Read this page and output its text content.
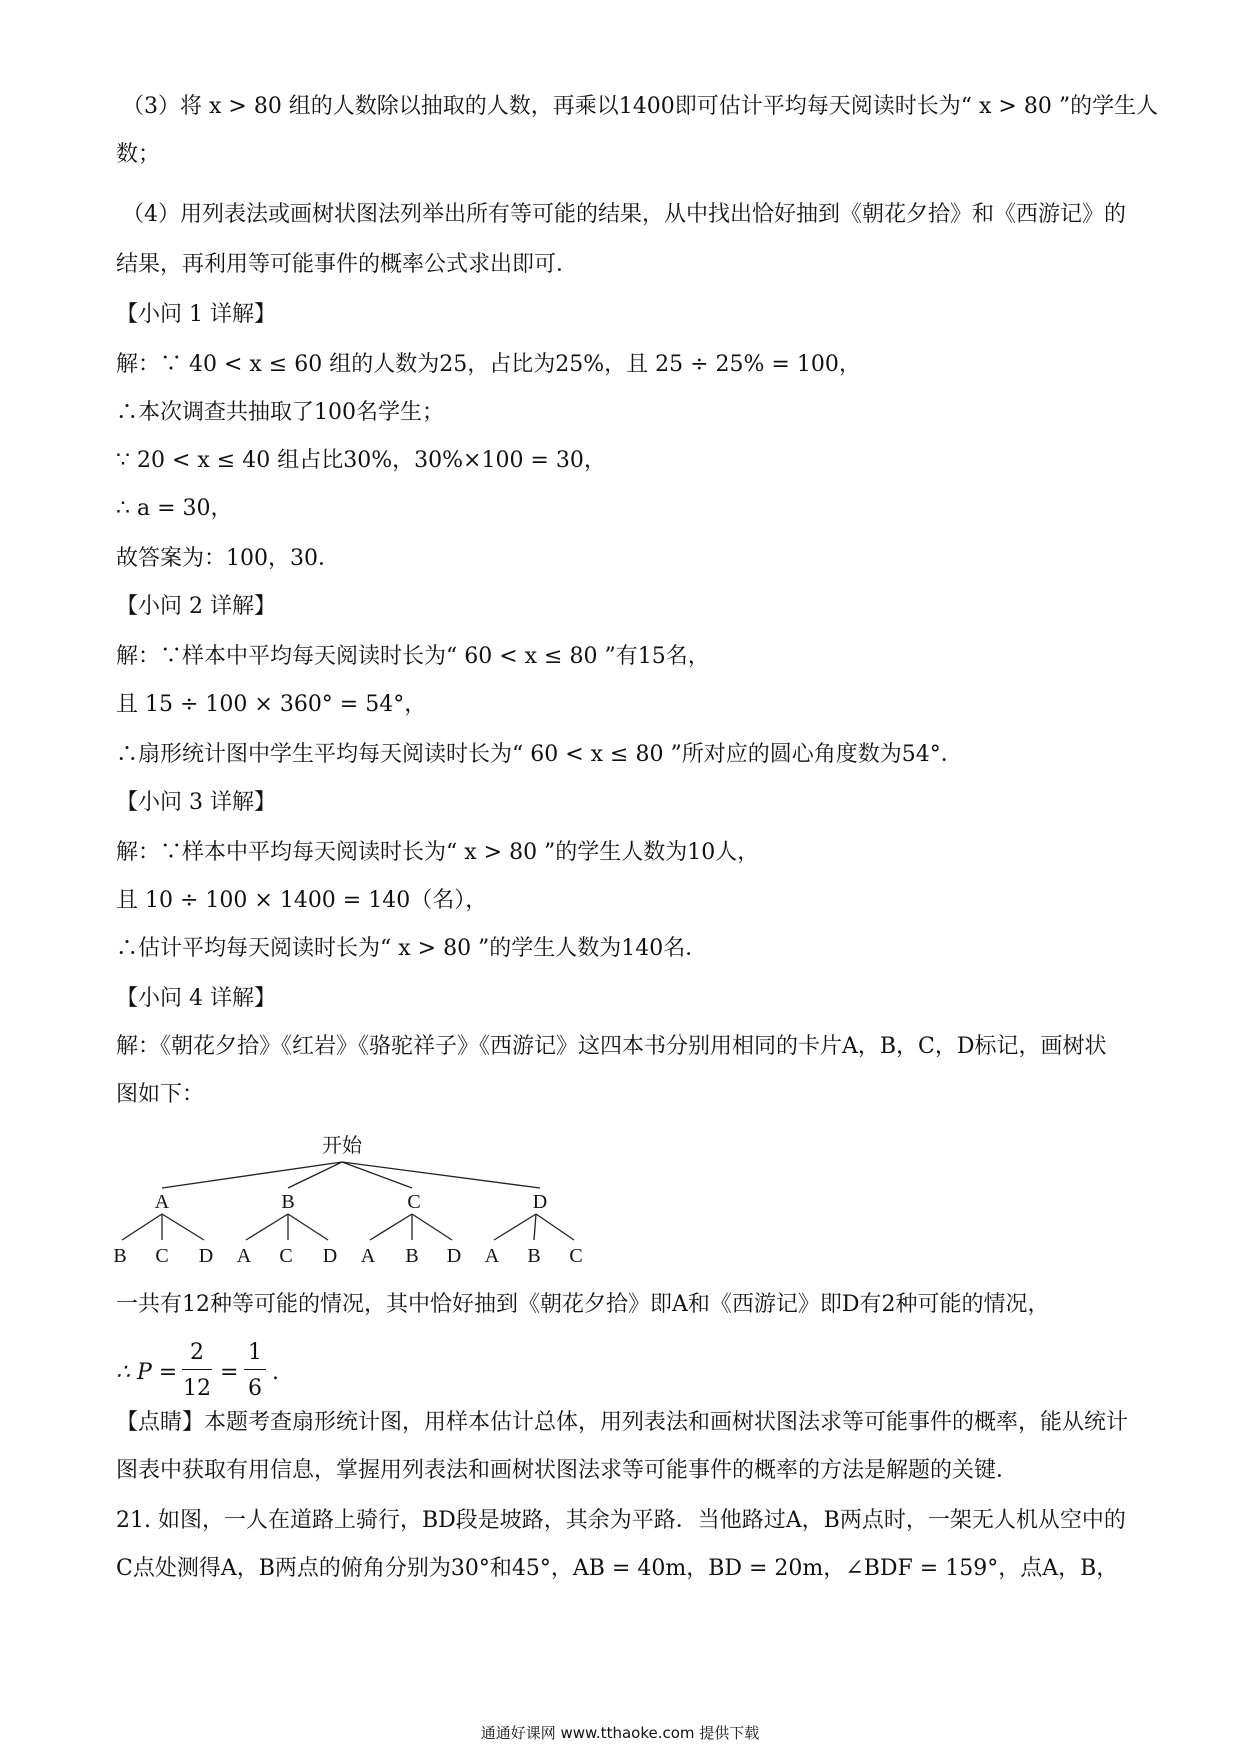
（3）将 x > 80 组的人数除以抽取的人数，再乘以1400即可估计平均每天阅读时长为“ x > 80 ”的学生人
数；
（4）用列表法或画树状图法列举出所有等可能的结果，从中找出恰好抽到《朝花夕拾》和《西游记》的
结果，再利用等可能事件的概率公式求出即可．
【小问 1 详解】
解：∵ 40 < x ≤ 60 组的人数为25，占比为25%，且 25 ÷ 25% = 100，
∴本次调查共抽取了100名学生；
∵ 20 < x ≤ 40 组占比30%，30%×100 = 30，
∴ a = 30，
故答案为：100，30．
【小问 2 详解】
解：∵样本中平均每天阅读时长为“ 60 < x ≤ 80 ”有15名，
且 15 ÷ 100 × 360° = 54°，
∴扇形统计图中学生平均每天阅读时长为“ 60 < x ≤ 80 ”所对应的圆心角度数为54°．
【小问 3 详解】
解：∵样本中平均每天阅读时长为“ x > 80 ”的学生人数为10人，
且 10 ÷ 100 × 1400 = 140（名），
∴估计平均每天阅读时长为“ x > 80 ”的学生人数为140名．
【小问 4 详解】
解：《朝花夕拾》《红岩》《骆驼祥子》《西游记》这四本书分别用相同的卡片A，B，C，D标记，画树状
图如下：
开始
A	B	C	D
B C D A C D A B D A B C
一共有12种等可能的情况，其中恰好抽到《朝花夕拾》即A和《西游记》即D有2种可能的情况，
∴ P =
2
12
=
1
6
.
【点睛】本题考查扇形统计图，用样本估计总体，用列表法和画树状图法求等可能事件的概率，能从统计
图表中获取有用信息，掌握用列表法和画树状图法求等可能事件的概率的方法是解题的关键．
21. 如图，一人在道路上骑行，BD段是坡路，其余为平路．当他路过A，B两点时，一架无人机从空中的
C点处测得A，B两点的俯角分别为30°和45°，AB = 40m，BD = 20m，∠BDF = 159°，点A，B，
通通好课网 www.tthaoke.com 提供下载
